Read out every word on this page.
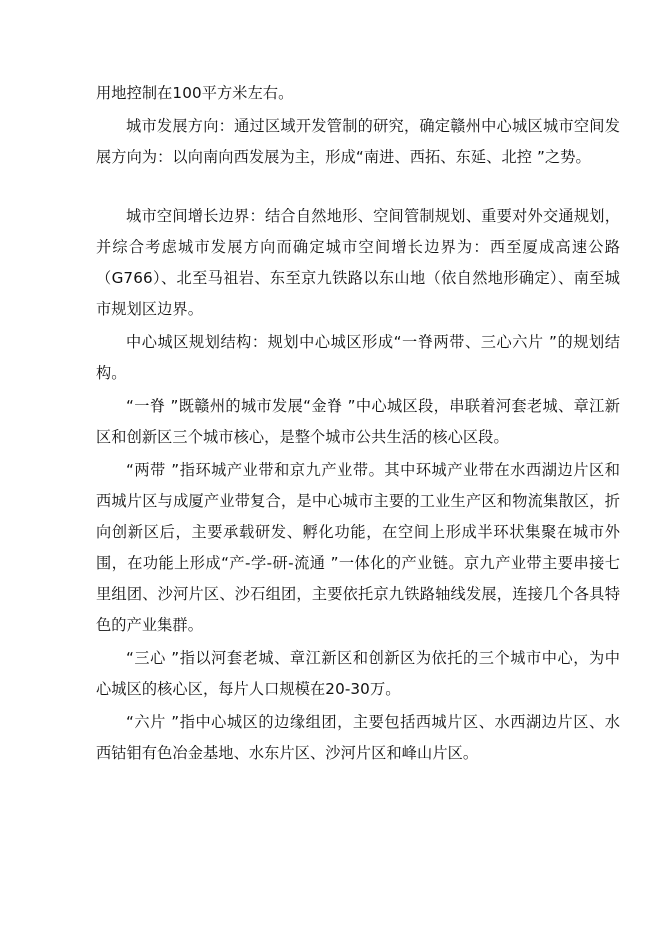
用地控制在100平方米左右。

城市发展方向：通过区域开发管制的研究，确定赣州中心城区城市空间发展方向为：以向南向西发展为主，形成“南进、西拓、东延、北控 ”之势。

城市空间增长边界：结合自然地形、空间管制规划、重要对外交通规划，并综合考虑城市发展方向而确定城市空间增长边界为：西至厦成高速公路（G766）、北至马祖岩、东至京九铁路以东山地（依自然地形确定）、南至城市规划区边界。

中心城区规划结构：规划中心城区形成“一脊两带、三心六片 ”的规划结构。

“一脊 ”既赣州的城市发展“金脊 ”中心城区段，串联着河套老城、章江新区和创新区三个城市核心，是整个城市公共生活的核心区段。

“两带 ”指环城产业带和京九产业带。其中环城产业带在水西湖边片区和西城片区与成厦产业带复合，是中心城市主要的工业生产区和物流集散区，折向创新区后，主要承载研发、孵化功能，在空间上形成半环状集聚在城市外围，在功能上形成“产-学-研-流通 ”一体化的产业链。京九产业带主要串接七里组团、沙河片区、沙石组团，主要依托京九铁路轴线发展，连接几个各具特色的产业集群。

“三心 ”指以河套老城、章江新区和创新区为依托的三个城市中心，为中心城区的核心区，每片人口规模在20-30万。

“六片 ”指中心城区的边缘组团，主要包括西城片区、水西湖边片区、水西钴钼有色冶金基地、水东片区、沙河片区和峰山片区。
